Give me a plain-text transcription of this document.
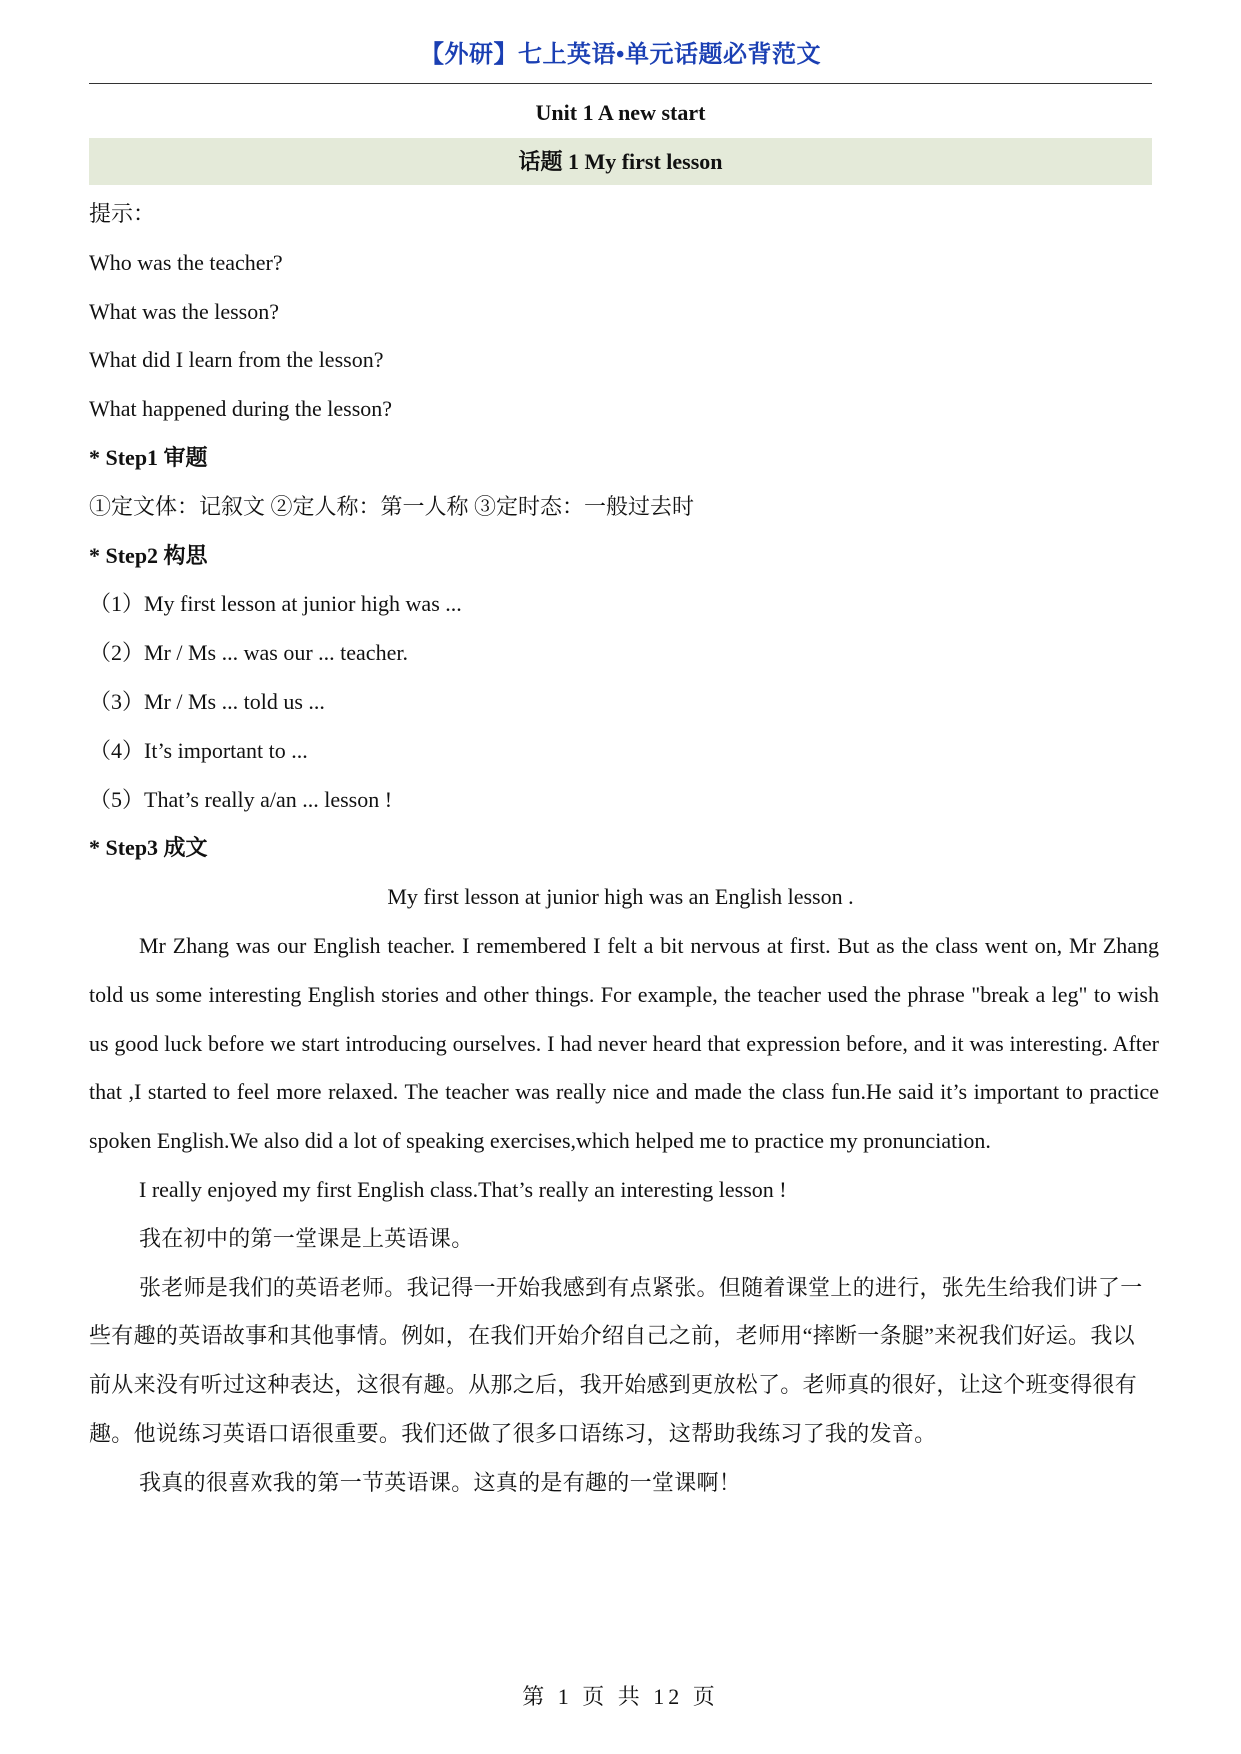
【外研】七上英语•单元话题必背范文
Unit 1 A new start
话题 1 My first lesson
提示：
Who was the teacher?
What was the lesson?
What did I learn from the lesson?
What happened during the lesson?
* Step1 审题
①定文体：记叙文 ②定人称：第一人称 ③定时态：一般过去时
* Step2 构思
（1）My first lesson at junior high was ...
（2）Mr / Ms ... was our ... teacher.
（3）Mr / Ms ... told us ...
（4）It’s important to ...
（5）That’s really a/an ... lesson !
* Step3 成文
My first lesson at junior high was an English lesson .

Mr Zhang was our English teacher. I remembered I felt a bit nervous at first. But as the class went on, Mr Zhang told us some interesting English stories and other things. For example, the teacher used the phrase "break a leg" to wish us good luck before we start introducing ourselves. I had never heard that expression before, and it was interesting. After that ,I started to feel more relaxed. The teacher was really nice and made the class fun.He said it’s important to practice spoken English.We also did a lot of speaking exercises,which helped me to practice my pronunciation.

I really enjoyed my first English class.That’s really an interesting lesson !

我在初中的第一堂课是上英语课。

张老师是我们的英语老师。我记得一开始我感到有点紧张。但随着课堂上的进行，张先生给我们讲了一些有趣的英语故事和其他事情。例如，在我们开始介绍自己之前，老师用“摔断一条腿”来祝我们好运。我以前从来没有听过这种表达，这很有趣。从那之后，我开始感到更放松了。老师真的很好，让这个班变得很有趣。他说练习英语口语很重要。我们还做了很多口语练习，这帮助我练习了我的发音。

我真的很喜欢我的第一节英语课。这真的是有趣的一堂课啊！

第 1 页 共 12 页
